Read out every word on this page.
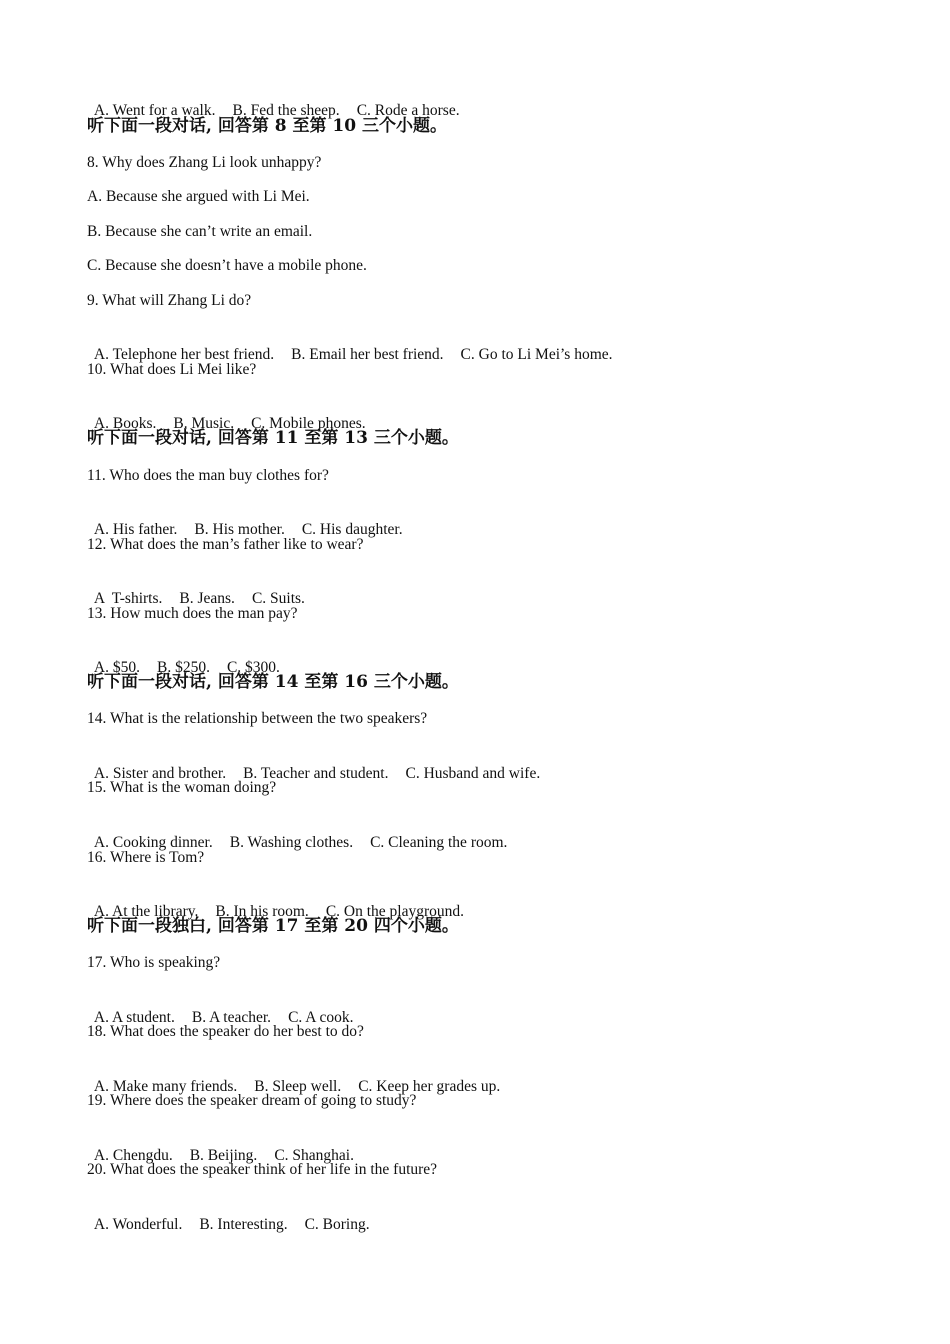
A. Went for a walk. B. Fed the sheep. C. Rode a horse.

听下面一段对话, 回答第 8 至第 10 三个小题。
8. Why does Zhang Li look unhappy?
A. Because she argued with Li Mei.
B. Because she can’t write an email.
C. Because she doesn’t have a mobile phone.
9. What will Zhang Li do?

A. Telephone her best friend. B. Email her best friend. C. Go to Li Mei’s home.

10. What does Li Mei like?

A. Books. B. Music. C. Mobile phones.

听下面一段对话, 回答第 11 至第 13 三个小题。
11. Who does the man buy clothes for?

A. His father. B. His mother. C. His daughter.

12. What does the man’s father like to wear?

A  T-shirts. B. Jeans. C. Suits.

13. How much does the man pay?

A. $50. B. $250. C. $300.

听下面一段对话, 回答第 14 至第 16 三个小题。
14. What is the relationship between the two speakers?

A. Sister and brother. B. Teacher and student. C. Husband and wife.

15. What is the woman doing?

A. Cooking dinner. B. Washing clothes. C. Cleaning the room.

16. Where is Tom?

A. At the library. B. In his room. C. On the playground.

听下面一段独白, 回答第 17 至第 20 四个小题。
17. Who is speaking?

A. A student. B. A teacher. C. A cook.

18. What does the speaker do her best to do?

A. Make many friends. B. Sleep well. C. Keep her grades up.

19. Where does the speaker dream of going to study?

A. Chengdu. B. Beijing. C. Shanghai.

20. What does the speaker think of her life in the future?

A. Wonderful. B. Interesting. C. Boring.
